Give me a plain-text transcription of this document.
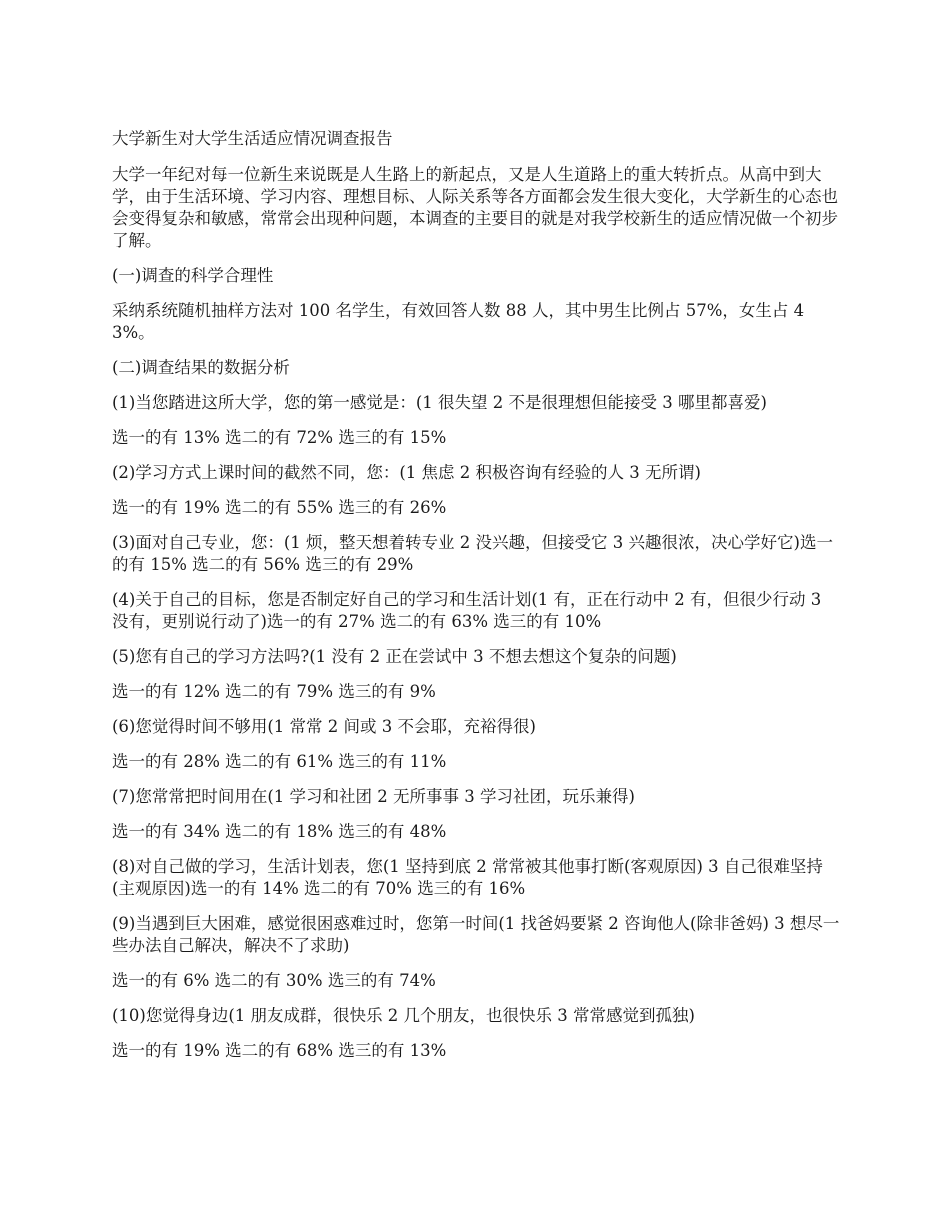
大学新生对大学生活适应情况调查报告

大学一年纪对每一位新生来说既是人生路上的新起点，又是人生道路上的重大转折点。从高中到大学，由于生活环境、学习内容、理想目标、人际关系等各方面都会发生很大变化，大学新生的心态也会变得复杂和敏感，常常会出现种问题，本调查的主要目的就是对我学校新生的适应情况做一个初步了解。

(一)调查的科学合理性

采纳系统随机抽样方法对 100 名学生，有效回答人数 88 人，其中男生比例占 57%，女生占 43%。

(二)调查结果的数据分析

(1)当您踏进这所大学，您的第一感觉是：(1 很失望 2 不是很理想但能接受 3 哪里都喜爱)

选一的有 13% 选二的有 72% 选三的有 15%

(2)学习方式上课时间的截然不同，您：(1 焦虑 2 积极咨询有经验的人 3 无所谓)

选一的有 19% 选二的有 55% 选三的有 26%

(3)面对自己专业，您：(1 烦，整天想着转专业 2 没兴趣，但接受它 3 兴趣很浓，决心学好它)选一的有 15% 选二的有 56% 选三的有 29%

(4)关于自己的目标，您是否制定好自己的学习和生活计划(1 有，正在行动中 2 有，但很少行动 3 没有，更别说行动了)选一的有 27% 选二的有 63% 选三的有 10%

(5)您有自己的学习方法吗?(1 没有 2 正在尝试中 3 不想去想这个复杂的问题)

选一的有 12% 选二的有 79% 选三的有 9%

(6)您觉得时间不够用(1 常常 2 间或 3 不会耶，充裕得很)

选一的有 28% 选二的有 61% 选三的有 11%

(7)您常常把时间用在(1 学习和社团 2 无所事事 3 学习社团，玩乐兼得)

选一的有 34% 选二的有 18% 选三的有 48%

(8)对自己做的学习，生活计划表，您(1 坚持到底 2 常常被其他事打断(客观原因) 3 自己很难坚持(主观原因)选一的有 14% 选二的有 70% 选三的有 16%

(9)当遇到巨大困难，感觉很困惑难过时，您第一时间(1 找爸妈要紧 2 咨询他人(除非爸妈) 3 想尽一些办法自己解决，解决不了求助)

选一的有 6% 选二的有 30% 选三的有 74%

(10)您觉得身边(1 朋友成群，很快乐 2 几个朋友，也很快乐 3 常常感觉到孤独)

选一的有 19% 选二的有 68% 选三的有 13%
